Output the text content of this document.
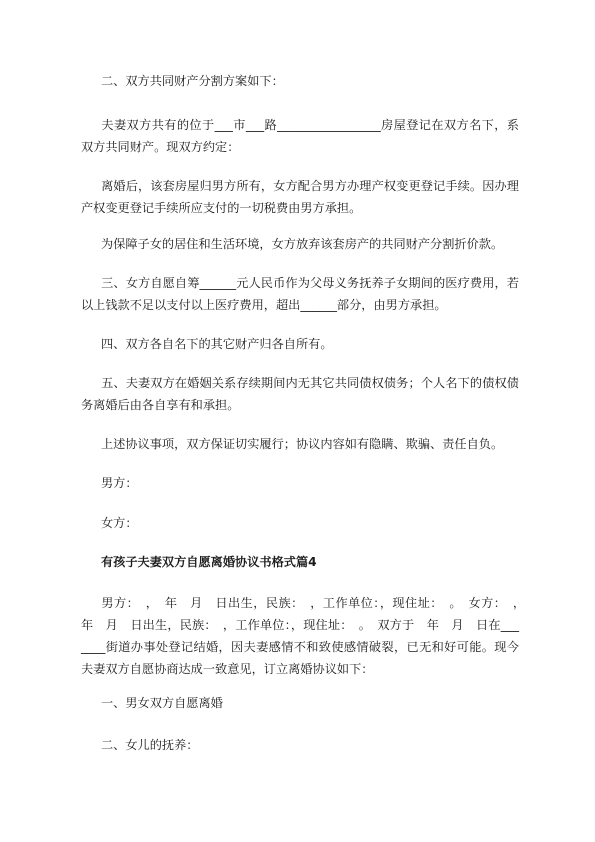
二、双方共同财产分割方案如下：

夫妻双方共有的位于___市___路_________________房屋登记在双方名下，系双方共同财产。现双方约定：

离婚后，该套房屋归男方所有，女方配合男方办理产权变更登记手续。因办理产权变更登记手续所应支付的一切税费由男方承担。

为保障子女的居住和生活环境，女方放弃该套房产的共同财产分割折价款。

三、女方自愿自筹______元人民币作为父母义务抚养子女期间的医疗费用，若以上钱款不足以支付以上医疗费用，超出______部分，由男方承担。

四、双方各自名下的其它财产归各自所有。

五、夫妻双方在婚姻关系存续期间内无其它共同债权债务；个人名下的债权债务离婚后由各自享有和承担。

上述协议事项，双方保证切实履行；协议内容如有隐瞒、欺骗、责任自负。

男方：

女方：

有孩子夫妻双方自愿离婚协议书格式篇4

男方：　，　年　月　日出生，民族：　，工作单位：，现住址：　。　女方：　，　年　月　日出生，民族：　，工作单位：，现住址：　。　双方于　年　月　日在_______街道办事处登记结婚，因夫妻感情不和致使感情破裂，已无和好可能。现今夫妻双方自愿协商达成一致意见，订立离婚协议如下：

一、男女双方自愿离婚

二、女儿的抚养：
